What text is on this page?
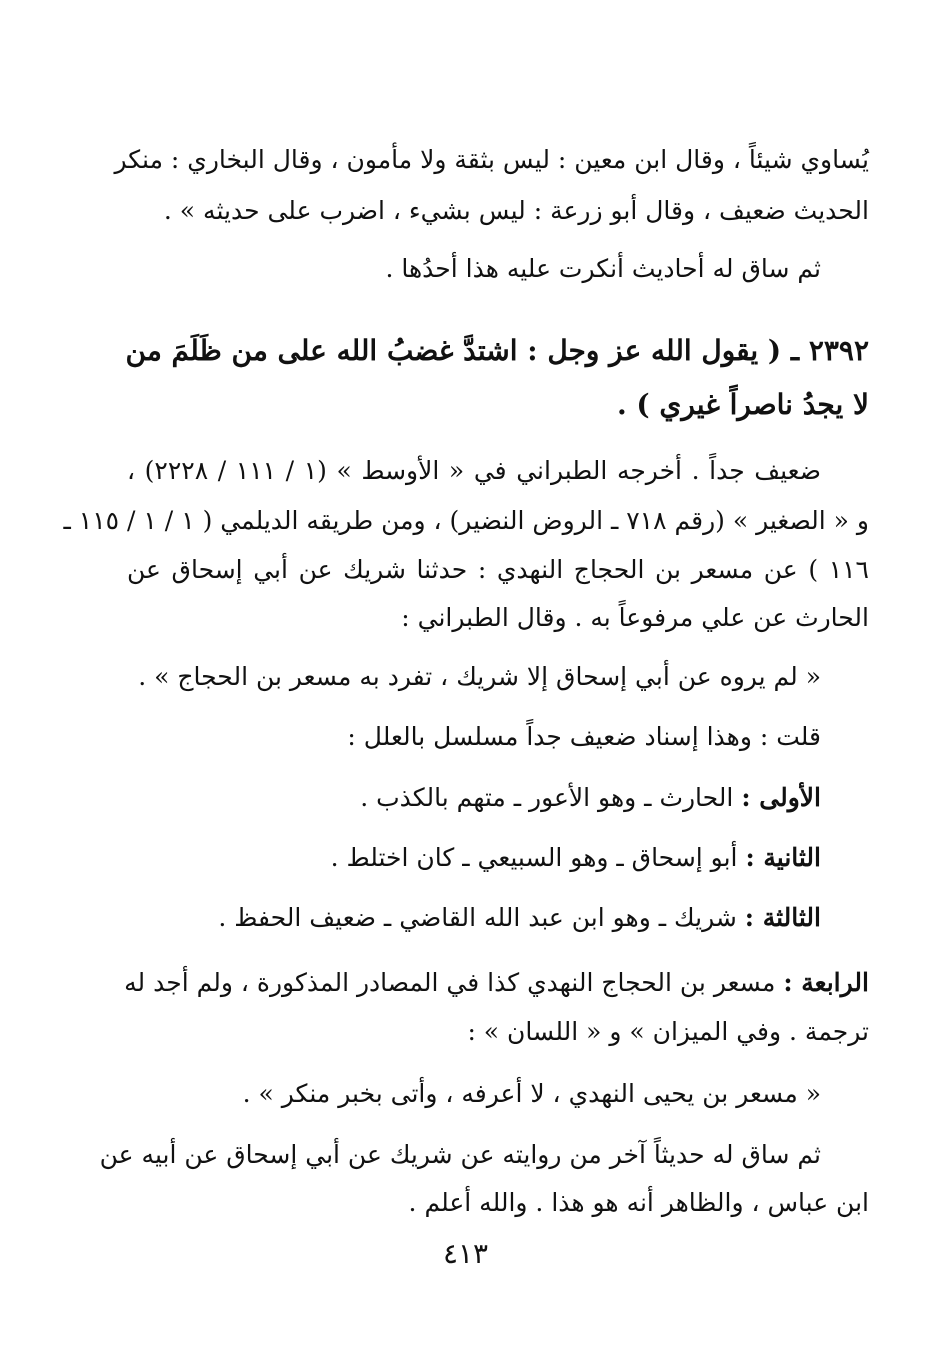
يُساوي شيئاً ، وقال ابن معين : ليس بثقة ولا مأمون ، وقال البخاري : منكر
الحديث ضعيف ، وقال أبو زرعة : ليس بشيء ، اضرب على حديثه » .
ثم ساق له أحاديث أنكرت عليه هذا أحدُها .
٢٣٩٢ ـ ( يقول الله عز وجل : اشتدَّ غضبُ الله على من ظَلَمَ من
لا يجدُ ناصراً غيري ) .
ضعيف جداً . أخرجه الطبراني في « الأوسط » (١ / ١١١ / ٢٢٢٨) ،
و « الصغير » (رقم ٧١٨ ـ الروض النضير) ، ومن طريقه الديلمي ( ١ / ١ / ١١٥ ـ
١١٦ ) عن مسعر بن الحجاج النهدي : حدثنا شريك عن أبي إسحاق عن
الحارث عن علي مرفوعاً به . وقال الطبراني :
« لم يروه عن أبي إسحاق إلا شريك ، تفرد به مسعر بن الحجاج » .
قلت : وهذا إسناد ضعيف جداً مسلسل بالعلل :
الأولى : الحارث ـ وهو الأعور ـ متهم بالكذب .
الثانية : أبو إسحاق ـ وهو السبيعي ـ كان اختلط .
الثالثة : شريك ـ وهو ابن عبد الله القاضي ـ ضعيف الحفظ .
الرابعة : مسعر بن الحجاج النهدي كذا في المصادر المذكورة ، ولم أجد له
ترجمة . وفي الميزان » و « اللسان » :
« مسعر بن يحيى النهدي ، لا أعرفه ، وأتى بخبر منكر » .
ثم ساق له حديثاً آخر من روايته عن شريك عن أبي إسحاق عن أبيه عن
ابن عباس ، والظاهر أنه هو هذا . والله أعلم .
٤١٣
